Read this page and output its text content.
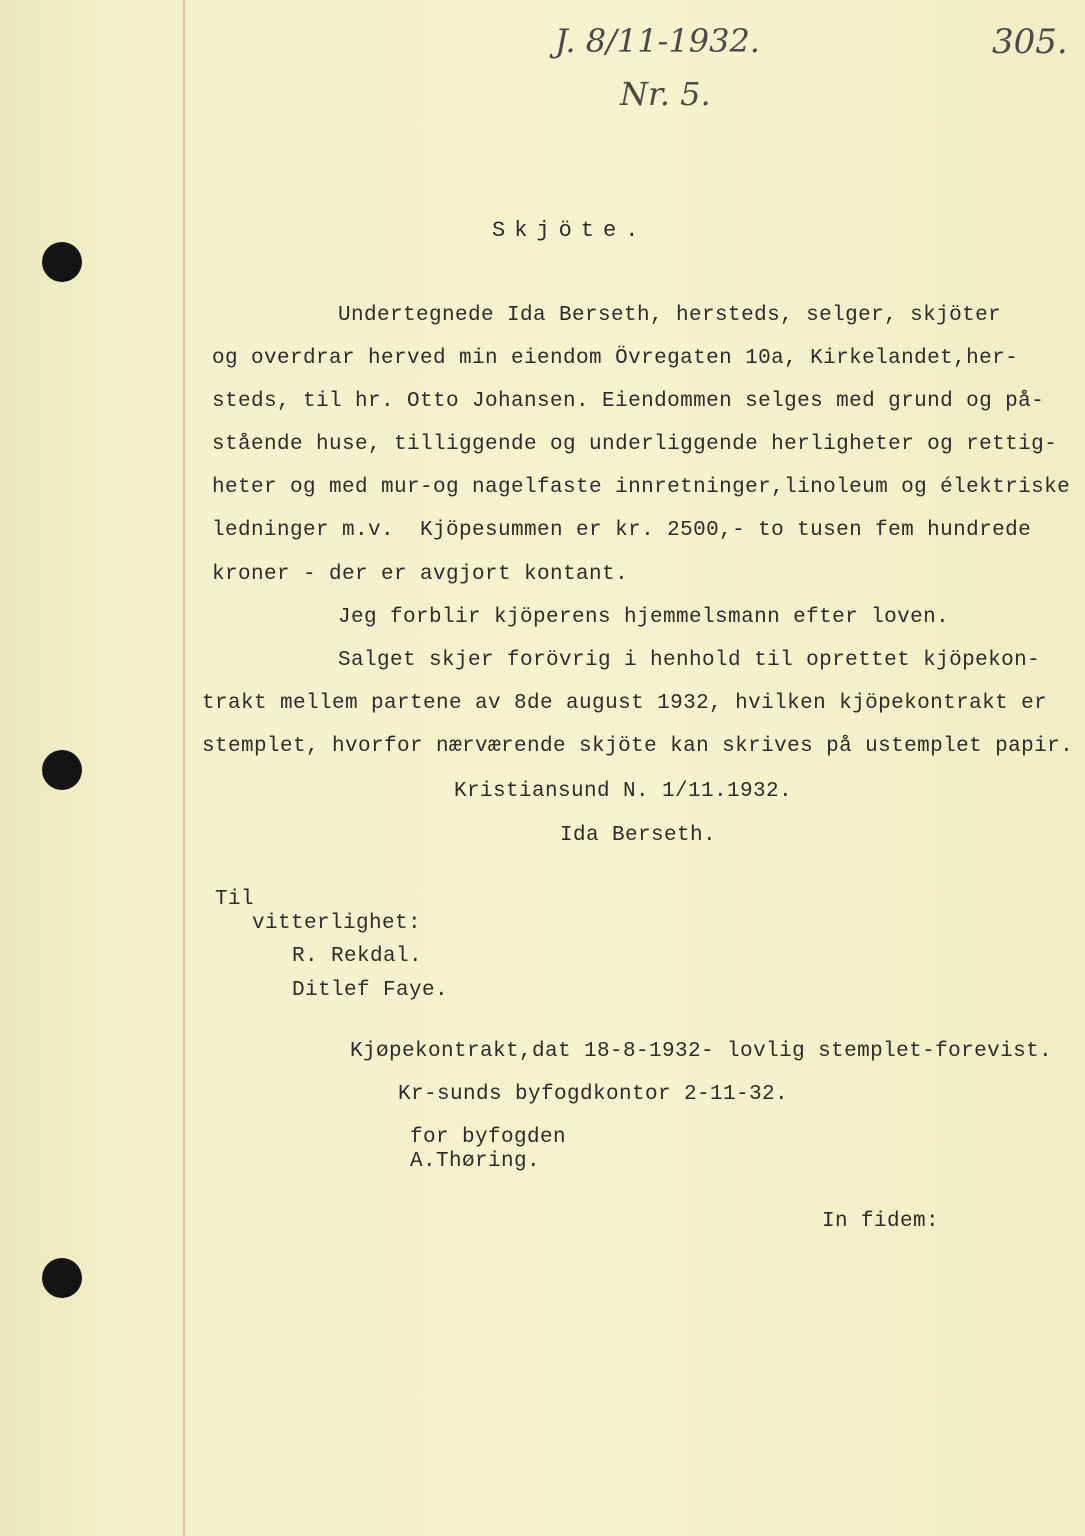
J. 8/11-1932.
Nr. 5.
305.
Skjöte.
Undertegnede Ida Berseth, hersteds, selger, skjöter
og overdrar herved min eiendom Övregaten 10a, Kirkelandet,her-
steds, til hr. Otto Johansen. Eiendommen selges med grund og på-
stående huse, tilliggende og underliggende herligheter og rettig-
heter og med mur-og nagelfaste innretninger,linoleum og élektriske
ledninger m.v.  Kjöpesummen er kr. 2500,- to tusen fem hundrede
kroner - der er avgjort kontant.
Jeg forblir kjöperens hjemmelsmann efter loven.
Salget skjer forövrig i henhold til oprettet kjöpekon-
trakt mellem partene av 8de august 1932, hvilken kjöpekontrakt er
stemplet, hvorfor nærværende skjöte kan skrives på ustemplet papir.
Kristiansund N. 1/11.1932.
Ida Berseth.
Til
vitterlighet:
R. Rekdal.
Ditlef Faye.
Kjøpekontrakt,dat 18-8-1932- lovlig stemplet-forevist.
Kr-sunds byfogdkontor 2-11-32.
for byfogden
A.Thøring.
In fidem:
